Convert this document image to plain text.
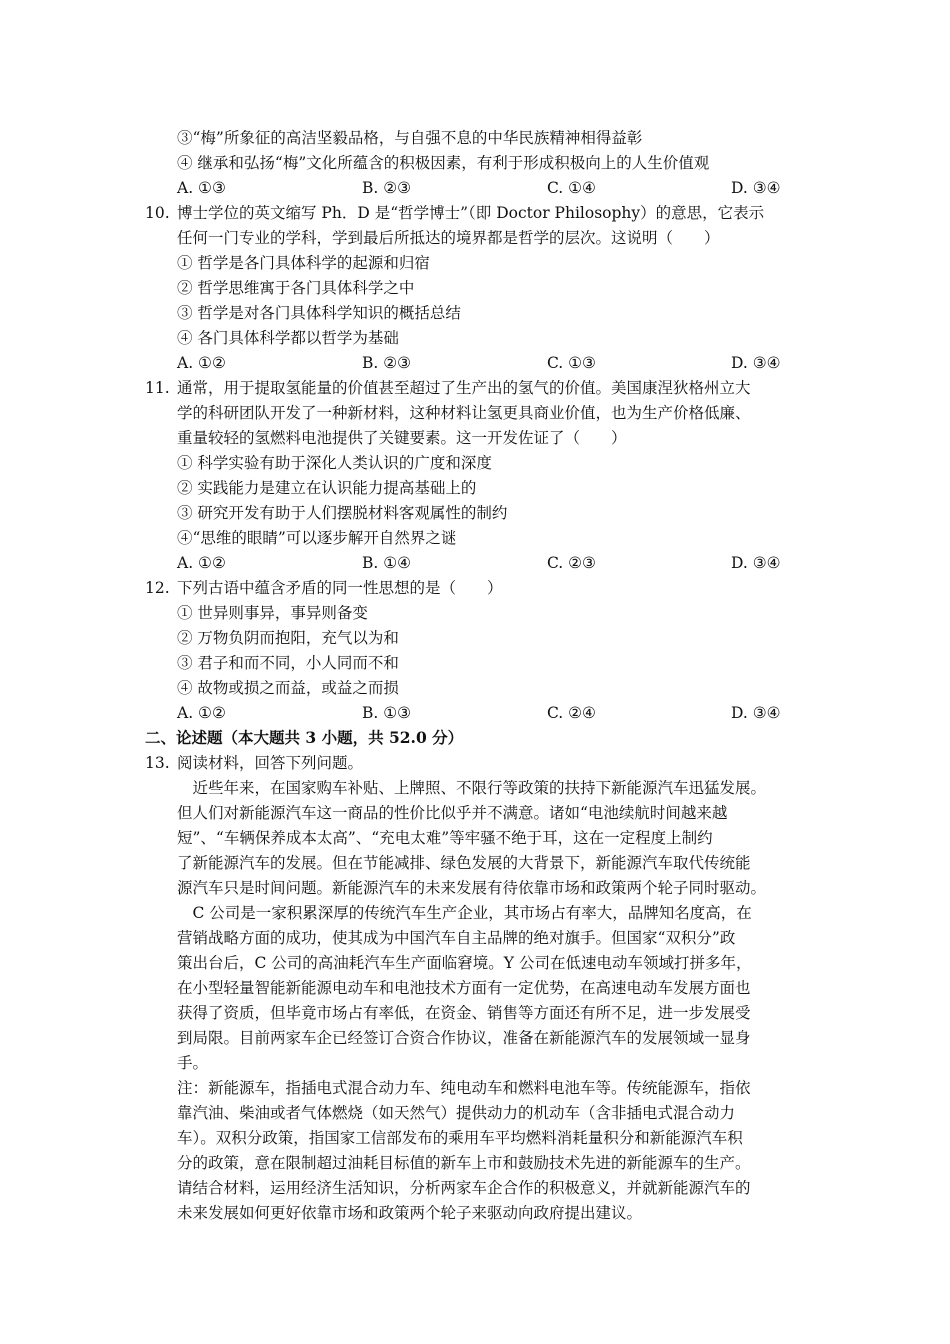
③“梅”所象征的高洁坚毅品格，与自强不息的中华民族精神相得益彰
④ 继承和弘扬“梅”文化所蕴含的积极因素，有利于形成积极向上的人生价值观
A. ①③	B. ②③	C. ①④	D. ③④
10. 博士学位的英文缩写 Ph．D 是“哲学博士”（即 Doctor Philosophy）的意思，它表示
任何一门专业的学科，学到最后所抵达的境界都是哲学的层次。这说明（　　）
① 哲学是各门具体科学的起源和归宿
② 哲学思维寓于各门具体科学之中
③ 哲学是对各门具体科学知识的概括总结
④ 各门具体科学都以哲学为基础
A. ①②	B. ②③	C. ①③	D. ③④
11. 通常，用于提取氢能量的价值甚至超过了生产出的氢气的价值。美国康涅狄格州立大
学的科研团队开发了一种新材料，这种材料让氢更具商业价值，也为生产价格低廉、
重量较轻的氢燃料电池提供了关键要素。这一开发佐证了（　　）
① 科学实验有助于深化人类认识的广度和深度
② 实践能力是建立在认识能力提高基础上的
③ 研究开发有助于人们摆脱材料客观属性的制约
④“思维的眼睛”可以逐步解开自然界之谜
A. ①②	B. ①④	C. ②③	D. ③④
12. 下列古语中蕴含矛盾的同一性思想的是（　　）
① 世异则事异，事异则备变
② 万物负阴而抱阳，充气以为和
③ 君子和而不同，小人同而不和
④ 故物或损之而益，或益之而损
A. ①②	B. ①③	C. ②④	D. ③④
二、论述题（本大题共 3 小题，共 52.0 分）
13. 阅读材料，回答下列问题。
　近些年来，在国家购车补贴、上牌照、不限行等政策的扶持下新能源汽车迅猛发展。
但人们对新能源汽车这一商品的性价比似乎并不满意。诸如“电池续航时间越来越
短”、“车辆保养成本太高”、“充电太难”等牢骚不绝于耳，这在一定程度上制约
了新能源汽车的发展。但在节能减排、绿色发展的大背景下，新能源汽车取代传统能
源汽车只是时间问题。新能源汽车的未来发展有待依靠市场和政策两个轮子同时驱动。
　C 公司是一家积累深厚的传统汽车生产企业，其市场占有率大，品牌知名度高，在
营销战略方面的成功，使其成为中国汽车自主品牌的绝对旗手。但国家“双积分”政
策出台后，C 公司的高油耗汽车生产面临窘境。Y 公司在低速电动车领域打拼多年，
在小型轻量智能新能源电动车和电池技术方面有一定优势，在高速电动车发展方面也
获得了资质，但毕竟市场占有率低，在资金、销售等方面还有所不足，进一步发展受
到局限。目前两家车企已经签订合资合作协议，准备在新能源汽车的发展领域一显身
手。
注：新能源车，指插电式混合动力车、纯电动车和燃料电池车等。传统能源车，指依
靠汽油、柴油或者气体燃烧（如天然气）提供动力的机动车（含非插电式混合动力
车）。双积分政策，指国家工信部发布的乘用车平均燃料消耗量积分和新能源汽车积
分的政策，意在限制超过油耗目标值的新车上市和鼓励技术先进的新能源车的生产。
请结合材料，运用经济生活知识，分析两家车企合作的积极意义，并就新能源汽车的
未来发展如何更好依靠市场和政策两个轮子来驱动向政府提出建议。
